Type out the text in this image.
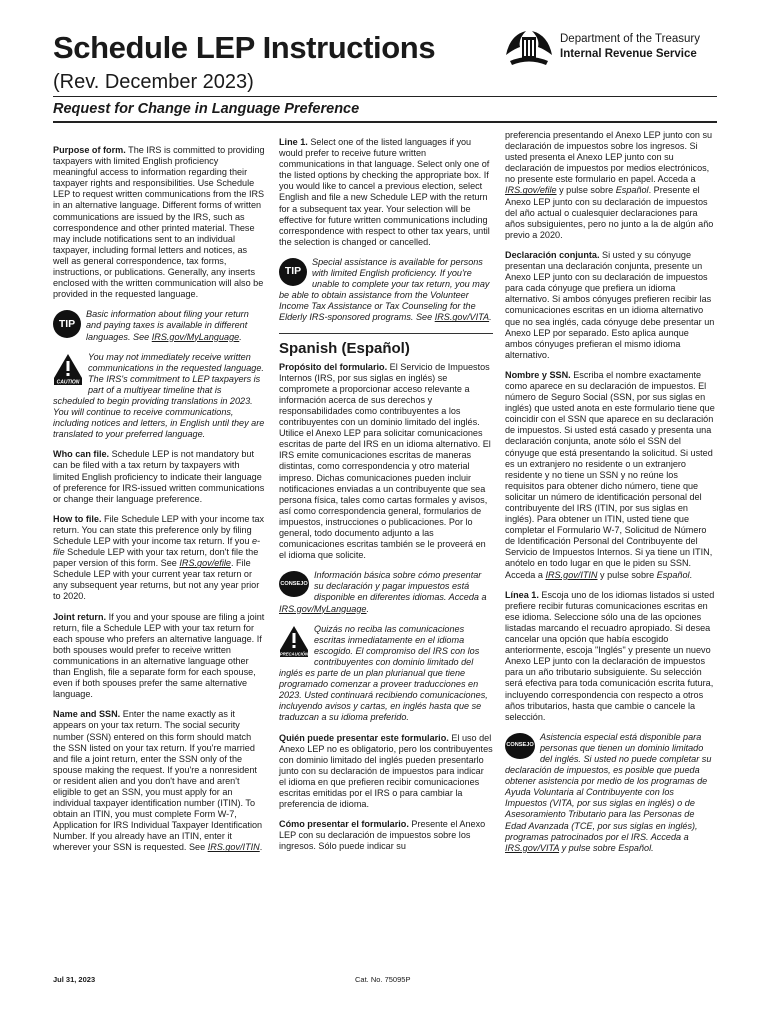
Schedule LEP Instructions
(Rev. December 2023)
Department of the Treasury
Internal Revenue Service
Request for Change in Language Preference

Purpose of form. The IRS is committed to providing taxpayers with limited English proficiency meaningful access to information regarding their taxpayer rights and responsibilities. Use Schedule LEP to request written communications from the IRS in an alternative language. Different forms of written communications are issued by the IRS, such as correspondence and other printed material. These may include notifications sent to an individual taxpayer, including formal letters and notices, as well as general correspondence, tax forms, instructions, or publications. Generally, any inserts enclosed with the written communication will also be provided in the requested language.

TIP
Basic information about filing your return and paying taxes is available in different languages. See IRS.gov/MyLanguage.
CAUTION
You may not immediately receive written communications in the requested language. The IRS's commitment to LEP taxpayers is part of a multiyear timeline that is scheduled to begin providing translations in 2023. You will continue to receive communications, including notices and letters, in English until they are translated to your preferred language.

Who can file. Schedule LEP is not mandatory but can be filed with a tax return by taxpayers with limited English proficiency to indicate their language of preference for IRS-issued written communications or change their language preference.

How to file. File Schedule LEP with your income tax return. You can state this preference only by filing Schedule LEP with your income tax return. If you e-file Schedule LEP with your tax return, don't file the paper version of this form. See IRS.gov/efile. File Schedule LEP with your current year tax return or any subsequent year returns, but not any year prior to 2020.

Joint return. If you and your spouse are filing a joint return, file a Schedule LEP with your tax return for each spouse who prefers an alternative language. If both spouses would prefer to receive written communications in an alternative language other than English, file a separate form for each spouse, even if both spouses prefer the same alternative language.

Name and SSN. Enter the name exactly as it appears on your tax return. The social security number (SSN) entered on this form should match the SSN listed on your tax return. If you're married and file a joint return, enter the SSN only of the spouse making the request. If you're a nonresident or resident alien and you don't have and aren't eligible to get an SSN, you must apply for an individual taxpayer identification number (ITIN). To obtain an ITIN, you must complete Form W-7, Application for IRS Individual Taxpayer Identification Number. If you already have an ITIN, enter it wherever your SSN is requested. See IRS.gov/ITIN.

Line 1. Select one of the listed languages if you would prefer to receive future written communications in that language. Select only one of the listed options by checking the appropriate box. If you would like to cancel a previous election, select English and file a new Schedule LEP with the return for a subsequent tax year. Your selection will be effective for future written communications including correspondence with respect to other tax years, until the selection is changed or cancelled.

TIP
Special assistance is available for persons with limited English proficiency. If you're unable to complete your tax return, you may be able to obtain assistance from the Volunteer Income Tax Assistance or Tax Counseling for the Elderly IRS-sponsored programs. See IRS.gov/VITA.
Spanish (Español)

Propósito del formulario. El Servicio de Impuestos Internos (IRS, por sus siglas en inglés) se compromete a proporcionar acceso relevante a información acerca de sus derechos y responsabilidades como contribuyentes a los contribuyentes con un dominio limitado del inglés. Utilice el Anexo LEP para solicitar comunicaciones escritas de parte del IRS en un idioma alternativo. El IRS emite comunicaciones escritas de maneras distintas, como correspondencia y otro material impreso. Dichas comunicaciones pueden incluir notificaciones enviadas a un contribuyente que sea persona física, tales como cartas formales y avisos, así como correspondencia general, formularios de impuestos, instrucciones o publicaciones. Por lo general, todo documento adjunto a las comunicaciones escritas también se le proveerá en el idioma que solicite.

CONSEJO
Información básica sobre cómo presentar su declaración y pagar impuestos está disponible en diferentes idiomas. Acceda a IRS.gov/MyLanguage.
PRECAUCIÓN
Quizás no reciba las comunicaciones escritas inmediatamente en el idioma escogido. El compromiso del IRS con los contribuyentes con dominio limitado del inglés es parte de un plan plurianual que tiene programado comenzar a proveer traducciones en 2023. Usted continuará recibiendo comunicaciones, incluyendo avisos y cartas, en inglés hasta que se traduzcan a su idioma preferido.

Quién puede presentar este formulario. El uso del Anexo LEP no es obligatorio, pero los contribuyentes con dominio limitado del inglés pueden presentarlo junto con su declaración de impuestos para indicar el idioma en que prefieren recibir comunicaciones escritas emitidas por el IRS o para cambiar la preferencia de idioma.

Cómo presentar el formulario. Presente el Anexo LEP con su declaración de impuestos sobre los ingresos. Sólo puede indicar su

preferencia presentando el Anexo LEP junto con su declaración de impuestos sobre los ingresos. Si usted presenta el Anexo LEP junto con su declaración de impuestos por medios electrónicos, no presente este formulario en papel. Acceda a IRS.gov/efile y pulse sobre Español. Presente el Anexo LEP junto con su declaración de impuestos del año actual o cualesquier declaraciones para años subsiguientes, pero no junto a la de algún año previo a 2020.

Declaración conjunta. Si usted y su cónyuge presentan una declaración conjunta, presente un Anexo LEP junto con su declaración de impuestos para cada cónyuge que prefiera un idioma alternativo. Si ambos cónyuges prefieren recibir las comunicaciones escritas en un idioma alternativo que no sea inglés, cada cónyuge debe presentar un Anexo LEP por separado. Esto aplica aunque ambos cónyuges prefieran el mismo idioma alternativo.

Nombre y SSN. Escriba el nombre exactamente como aparece en su declaración de impuestos. El número de Seguro Social (SSN, por sus siglas en inglés) que usted anota en este formulario tiene que coincidir con el SSN que aparece en su declaración de impuestos. Si usted está casado y presenta una declaración conjunta, anote sólo el SSN del cónyuge que está presentando la solicitud. Si usted es un extranjero no residente o un extranjero residente y no tiene un SSN y no reúne los requisitos para obtener dicho número, tiene que solicitar un número de identificación personal del contribuyente del IRS (ITIN, por sus siglas en inglés). Para obtener un ITIN, usted tiene que completar el Formulario W-7, Solicitud de Número de Identificación Personal del Contribuyente del Servicio de Impuestos Internos. Si ya tiene un ITIN, anótelo en todo lugar en que le piden su SSN. Acceda a IRS.gov/ITIN y pulse sobre Español.

Línea 1. Escoja uno de los idiomas listados si usted prefiere recibir futuras comunicaciones escritas en ese idioma. Seleccione sólo una de las opciones listadas marcando el recuadro apropiado. Si desea cancelar una opción que había escogido anteriormente, escoja "Inglés" y presente un nuevo Anexo LEP junto con la declaración de impuestos para un año tributario subsiguiente. Su selección será efectiva para toda comunicación escrita futura, incluyendo correspondencia con respecto a otros años tributarios, hasta que cambie o cancele la selección.

CONSEJO
Asistencia especial está disponible para personas que tienen un dominio limitado del inglés. Si usted no puede completar su declaración de impuestos, es posible que pueda obtener asistencia por medio de los programas de Ayuda Voluntaria al Contribuyente con los Impuestos (VITA, por sus siglas en inglés) o de Asesoramiento Tributario para las Personas de Edad Avanzada (TCE, por sus siglas en inglés), programas patrocinados por el IRS. Acceda a IRS.gov/VITA y pulse sobre Español.
Jul 31, 2023	Cat. No. 75095P
